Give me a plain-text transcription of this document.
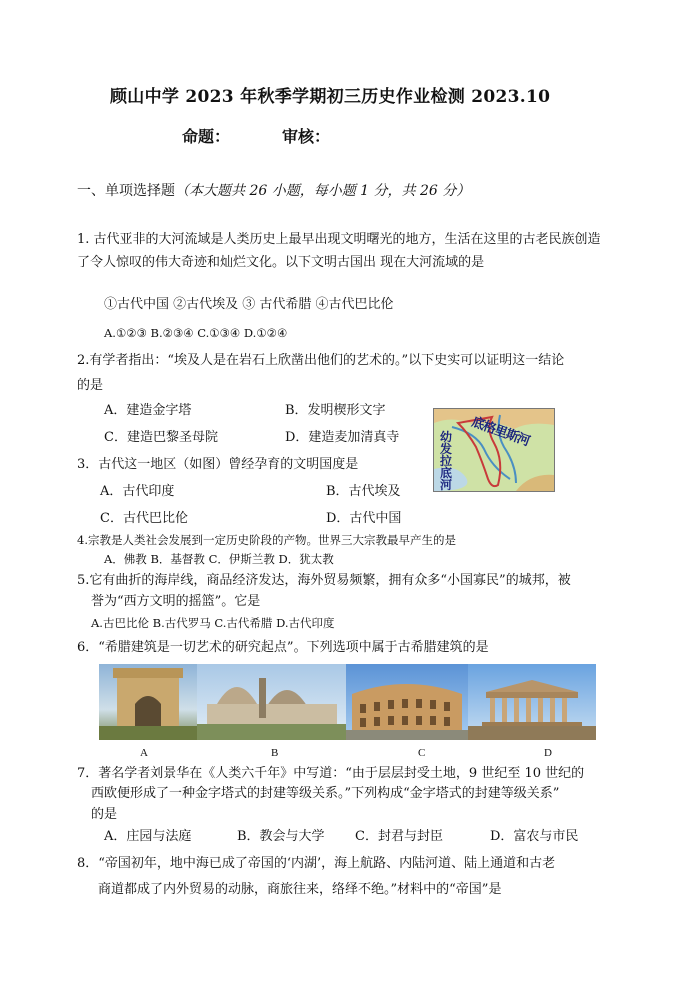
顾山中学 2023 年秋季学期初三历史作业检测 2023.10
命题：	审核：
一、单项选择题（本大题共 26 小题，每小题 1 分，共 26 分）
1. 古代亚非的大河流域是人类历史上最早出现文明曙光的地方，生活在这里的古老民族创造
了令人惊叹的伟大奇迹和灿烂文化。以下文明古国出 现在大河流域的是
①古代中国 ②古代埃及 ③ 古代希腊 ④古代巴比伦
A.①②③ B.②③④ C.①③④ D.①②④
2.有学者指出：“埃及人是在岩石上欣凿出他们的艺术的。”以下史实可以证明这一结论
的是
A．建造金字塔	B．发明楔形文字
C．建造巴黎圣母院	D．建造麦加清真寺	底格里斯河
幼发拉底河
3．古代这一地区（如图）曾经孕育的文明国度是
A．古代印度	B．古代埃及
C．古代巴比伦	D．古代中国
4.宗教是人类社会发展到一定历史阶段的产物。世界三大宗教最早产生的是
A．佛教 B．基督教 C．伊斯兰教 D．犹太教
5.它有曲折的海岸线，商品经济发达，海外贸易频繁，拥有众多“小国寡民”的城邦，被
誉为“西方文明的摇篮”。它是
A.古巴比伦 B.古代罗马 C.古代希腊 D.古代印度
6．“希腊建筑是一切艺术的研究起点”。下列选项中属于古希腊建筑的是
A	B	C	D
7．著名学者刘景华在《人类六千年》中写道：“由于层层封受土地，9 世纪至 10 世纪的
西欧便形成了一种金字塔式的封建等级关系。”下列构成“金字塔式的封建等级关系”
的是
A．庄园与法庭	B．教会与大学 C．封君与封臣	D．富农与市民
8．“帝国初年，地中海已成了帝国的‘内湖’，海上航路、内陆河道、陆上通道和古老
商道都成了内外贸易的动脉，商旅往来，络绎不绝。”材料中的“帝国”是
